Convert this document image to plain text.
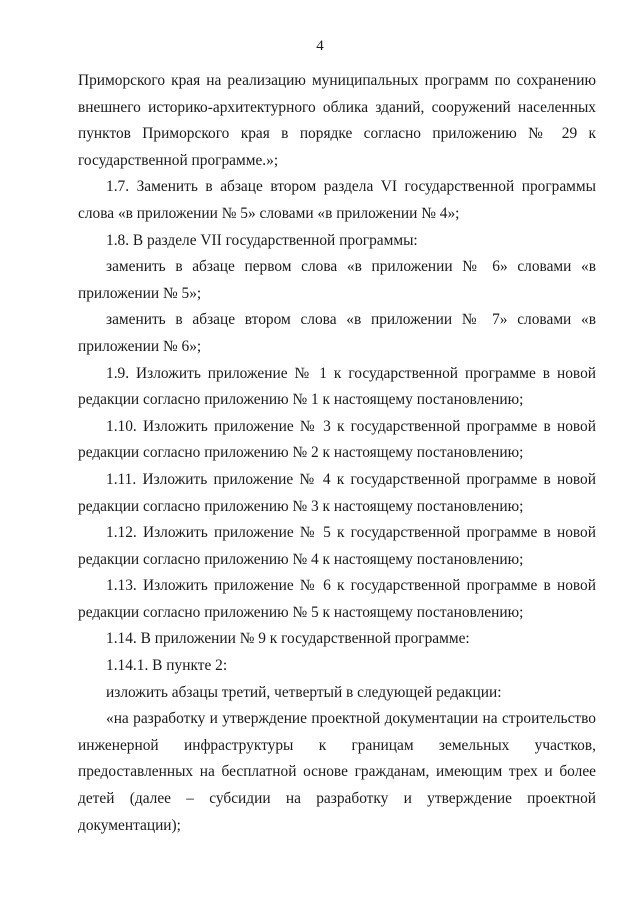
4

Приморского края на реализацию муниципальных программ по сохранению внешнего историко-архитектурного облика зданий, сооружений населенных пунктов Приморского края в порядке согласно приложению № 29 к государственной программе.»;

1.7. Заменить в абзаце втором раздела VI государственной программы слова «в приложении № 5» словами «в приложении № 4»;

1.8. В разделе VII государственной программы:

заменить в абзаце первом слова «в приложении № 6» словами «в приложении № 5»;

заменить в абзаце втором слова «в приложении № 7» словами «в приложении № 6»;

1.9. Изложить приложение № 1 к государственной программе в новой редакции согласно приложению № 1 к настоящему постановлению;

1.10. Изложить приложение № 3 к государственной программе в новой редакции согласно приложению № 2 к настоящему постановлению;

1.11. Изложить приложение № 4 к государственной программе в новой редакции согласно приложению № 3 к настоящему постановлению;

1.12. Изложить приложение № 5 к государственной программе в новой редакции согласно приложению № 4 к настоящему постановлению;

1.13. Изложить приложение № 6 к государственной программе в новой редакции согласно приложению № 5 к настоящему постановлению;

1.14. В приложении № 9 к государственной программе:

1.14.1. В пункте 2:

изложить абзацы третий, четвертый в следующей редакции:

«на разработку и утверждение проектной документации на строительство инженерной инфраструктуры к границам земельных участков, предоставленных на бесплатной основе гражданам, имеющим трех и более детей (далее – субсидии на разработку и утверждение проектной документации);
